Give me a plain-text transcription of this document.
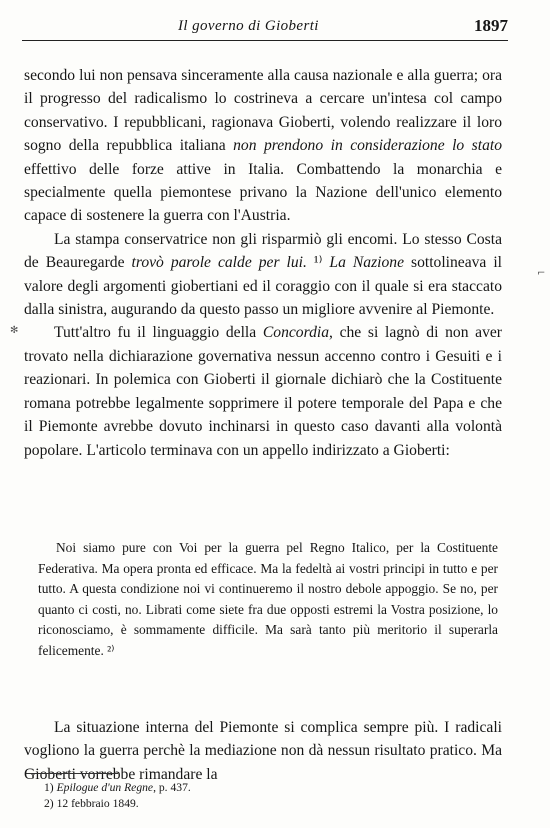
Il governo di Gioberti	1897
✻
⌐

secondo lui non pensava sinceramente alla causa nazionale e alla guerra; ora il progresso del radicalismo lo costrineva a cercare un'intesa col campo conservativo. I repubblicani, ragionava Gioberti, volendo realizzare il loro sogno della repubblica italiana non prendono in considerazione lo stato effettivo delle forze attive in Italia. Combattendo la monarchia e specialmente quella piemontese privano la Nazione dell'unico elemento capace di sostenere la guerra con l'Austria.

La stampa conservatrice non gli risparmiò gli encomi. Lo stesso Costa de Beauregarde trovò parole calde per lui. ¹⁾ La Nazione sottolineava il valore degli argomenti giobertiani ed il coraggio con il quale si era staccato dalla sinistra, augurando da questo passo un migliore avvenire al Piemonte.

Tutt'altro fu il linguaggio della Concordia, che si lagnò di non aver trovato nella dichiarazione governativa nessun accenno contro i Gesuiti e i reazionari. In polemica con Gioberti il giornale dichiarò che la Costituente romana potrebbe legalmente sopprimere il potere temporale del Papa e che il Piemonte avrebbe dovuto inchinarsi in questo caso davanti alla volontà popolare. L'articolo terminava con un appello indirizzato a Gioberti:

Noi siamo pure con Voi per la guerra pel Regno Italico, per la Costituente Federativa. Ma opera pronta ed efficace. Ma la fedeltà ai vostri principi in tutto e per tutto. A questa condizione noi vi continueremo il nostro debole appoggio. Se no, per quanto ci costi, no. Librati come siete fra due opposti estremi la Vostra posizione, lo riconosciamo, è sommamente difficile. Ma sarà tanto più meritorio il superarla felicemente. ²⁾

La situazione interna del Piemonte si complica sempre più. I radicali vogliono la guerra perchè la mediazione non dà nessun risultato pratico. Ma Gioberti vorrebbe rimandare la

1) Epilogue d'un Regne, p. 437.
2) 12 febbraio 1849.
